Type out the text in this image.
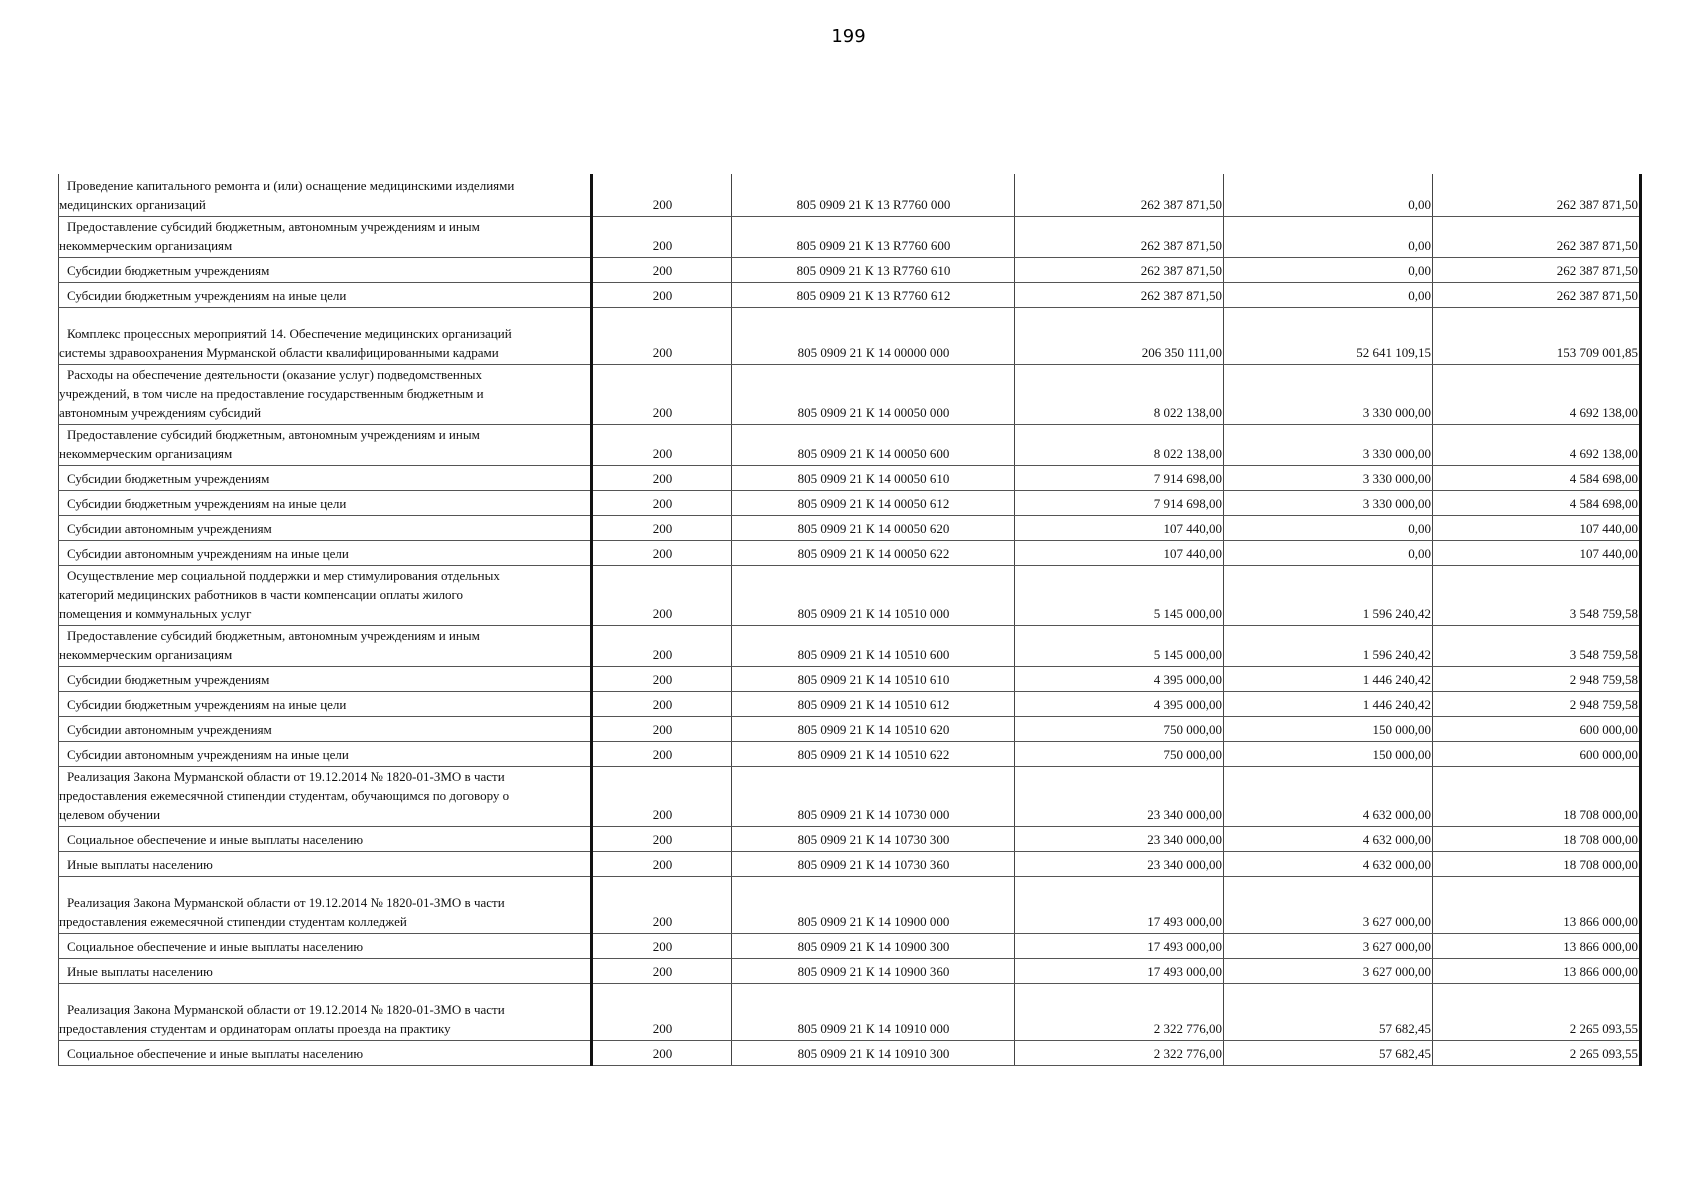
199
Проведение капитального ремонта и (или) оснащение медицинскими изделиями
медицинских организаций	200	805 0909 21 К 13 R7760 000	262 387 871,50	0,00	262 387 871,50

Предоставление субсидий бюджетным, автономным учреждениям и иным
некоммерческим организациям	200	805 0909 21 К 13 R7760 600	262 387 871,50	0,00	262 387 871,50

Субсидии бюджетным учреждениям	200	805 0909 21 К 13 R7760 610	262 387 871,50	0,00	262 387 871,50

Субсидии бюджетным учреждениям на иные цели	200	805 0909 21 К 13 R7760 612	262 387 871,50	0,00	262 387 871,50

Комплекс процессных мероприятий 14. Обеспечение медицинских организаций
системы здравоохранения Мурманской области квалифицированными кадрами	200	805 0909 21 К 14 00000 000	206 350 111,00	52 641 109,15	153 709 001,85

Расходы на обеспечение деятельности (оказание услуг) подведомственных
учреждений, в том числе на предоставление государственным бюджетным и
автономным учреждениям субсидий	200	805 0909 21 К 14 00050 000	8 022 138,00	3 330 000,00	4 692 138,00

Предоставление субсидий бюджетным, автономным учреждениям и иным
некоммерческим организациям	200	805 0909 21 К 14 00050 600	8 022 138,00	3 330 000,00	4 692 138,00

Субсидии бюджетным учреждениям	200	805 0909 21 К 14 00050 610	7 914 698,00	3 330 000,00	4 584 698,00

Субсидии бюджетным учреждениям на иные цели	200	805 0909 21 К 14 00050 612	7 914 698,00	3 330 000,00	4 584 698,00

Субсидии автономным учреждениям	200	805 0909 21 К 14 00050 620	107 440,00	0,00	107 440,00

Субсидии автономным учреждениям на иные цели	200	805 0909 21 К 14 00050 622	107 440,00	0,00	107 440,00

Осуществление мер социальной поддержки и мер стимулирования отдельных
категорий медицинских работников в части компенсации оплаты жилого
помещения и коммунальных услуг	200	805 0909 21 К 14 10510 000	5 145 000,00	1 596 240,42	3 548 759,58

Предоставление субсидий бюджетным, автономным учреждениям и иным
некоммерческим организациям	200	805 0909 21 К 14 10510 600	5 145 000,00	1 596 240,42	3 548 759,58

Субсидии бюджетным учреждениям	200	805 0909 21 К 14 10510 610	4 395 000,00	1 446 240,42	2 948 759,58

Субсидии бюджетным учреждениям на иные цели	200	805 0909 21 К 14 10510 612	4 395 000,00	1 446 240,42	2 948 759,58

Субсидии автономным учреждениям	200	805 0909 21 К 14 10510 620	750 000,00	150 000,00	600 000,00

Субсидии автономным учреждениям на иные цели	200	805 0909 21 К 14 10510 622	750 000,00	150 000,00	600 000,00

Реализация Закона Мурманской области от 19.12.2014 № 1820-01-ЗМО в части
предоставления ежемесячной стипендии студентам, обучающимся по договору о
целевом обучении	200	805 0909 21 К 14 10730 000	23 340 000,00	4 632 000,00	18 708 000,00

Социальное обеспечение и иные выплаты населению	200	805 0909 21 К 14 10730 300	23 340 000,00	4 632 000,00	18 708 000,00

Иные выплаты населению	200	805 0909 21 К 14 10730 360	23 340 000,00	4 632 000,00	18 708 000,00

Реализация Закона Мурманской области от 19.12.2014 № 1820-01-ЗМО в части
предоставления ежемесячной стипендии студентам колледжей	200	805 0909 21 К 14 10900 000	17 493 000,00	3 627 000,00	13 866 000,00

Социальное обеспечение и иные выплаты населению	200	805 0909 21 К 14 10900 300	17 493 000,00	3 627 000,00	13 866 000,00

Иные выплаты населению	200	805 0909 21 К 14 10900 360	17 493 000,00	3 627 000,00	13 866 000,00

Реализация Закона Мурманской области от 19.12.2014 № 1820-01-ЗМО в части
предоставления студентам и ординаторам оплаты проезда на практику	200	805 0909 21 К 14 10910 000	2 322 776,00	57 682,45	2 265 093,55

Социальное обеспечение и иные выплаты населению	200	805 0909 21 К 14 10910 300	2 322 776,00	57 682,45	2 265 093,55
